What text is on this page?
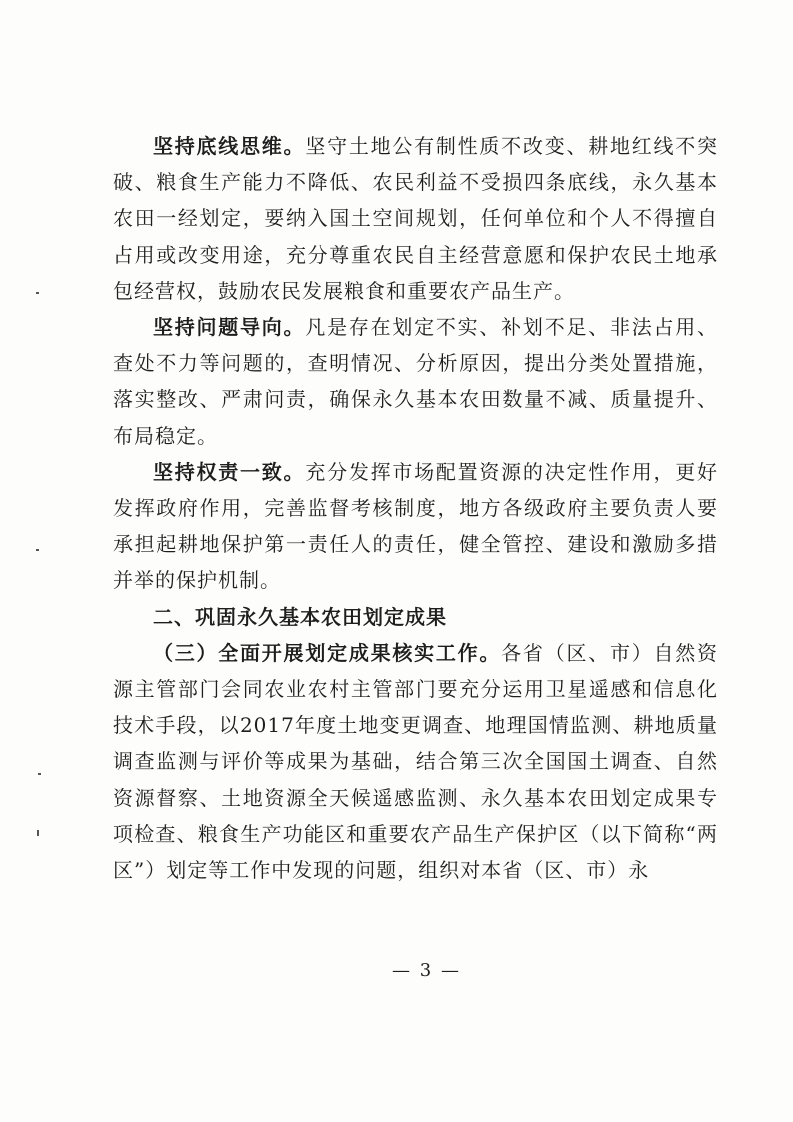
坚持底线思维。坚守土地公有制性质不改变、耕地红线不突破、粮食生产能力不降低、农民利益不受损四条底线，永久基本农田一经划定，要纳入国土空间规划，任何单位和个人不得擅自占用或改变用途，充分尊重农民自主经营意愿和保护农民土地承包经营权，鼓励农民发展粮食和重要农产品生产。

坚持问题导向。凡是存在划定不实、补划不足、非法占用、查处不力等问题的，查明情况、分析原因，提出分类处置措施，落实整改、严肃问责，确保永久基本农田数量不减、质量提升、布局稳定。

坚持权责一致。充分发挥市场配置资源的决定性作用，更好发挥政府作用，完善监督考核制度，地方各级政府主要负责人要承担起耕地保护第一责任人的责任，健全管控、建设和激励多措并举的保护机制。

二、巩固永久基本农田划定成果

（三）全面开展划定成果核实工作。各省（区、市）自然资源主管部门会同农业农村主管部门要充分运用卫星遥感和信息化技术手段，以2017年度土地变更调查、地理国情监测、耕地质量调查监测与评价等成果为基础，结合第三次全国国土调查、自然资源督察、土地资源全天候遥感监测、永久基本农田划定成果专项检查、粮食生产功能区和重要农产品生产保护区（以下简称“两区”）划定等工作中发现的问题，组织对本省（区、市）永

— 3 —
